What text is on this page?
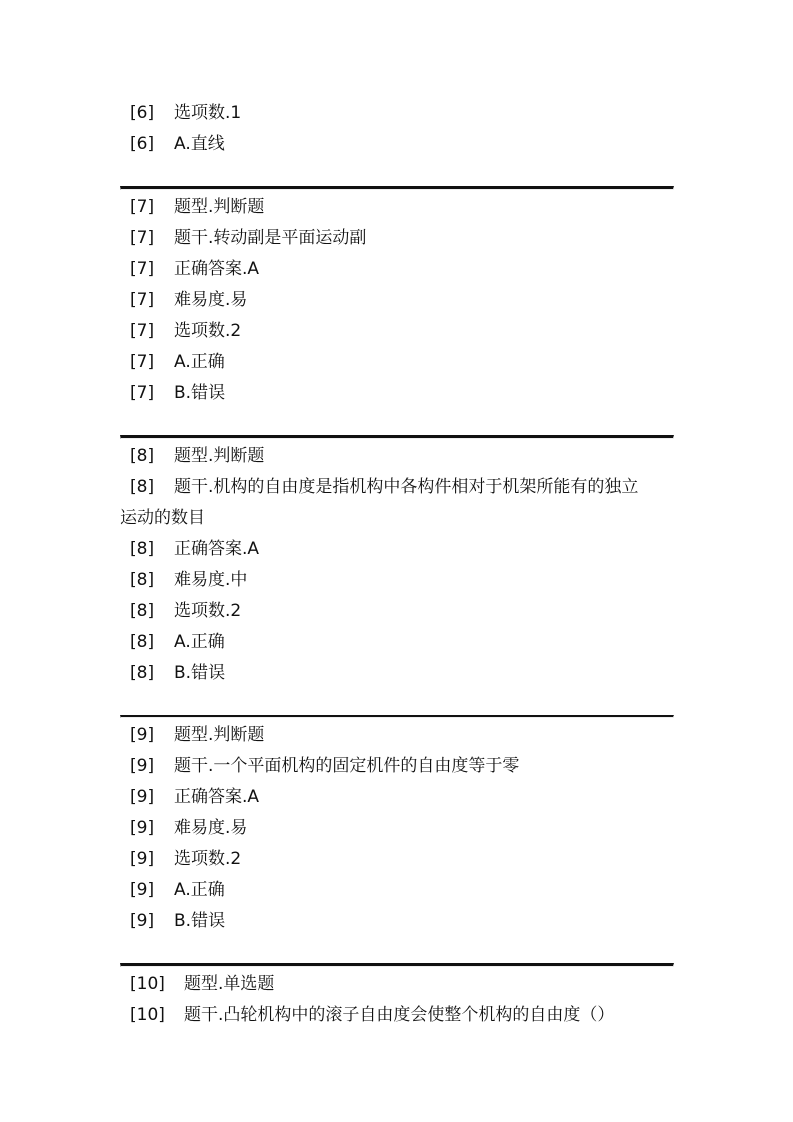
[6]	选项数.1
[6]	A.直线
[7]	题型.判断题
[7]	题干.转动副是平面运动副
[7]	正确答案.A
[7]	难易度.易
[7]	选项数.2
[7]	A.正确
[7]	B.错误
[8]	题型.判断题
[8]	题干.机构的自由度是指机构中各构件相对于机架所能有的独立
运动的数目
[8]	正确答案.A
[8]	难易度.中
[8]	选项数.2
[8]	A.正确
[8]	B.错误
[9]	题型.判断题
[9]	题干.一个平面机构的固定机件的自由度等于零
[9]	正确答案.A
[9]	难易度.易
[9]	选项数.2
[9]	A.正确
[9]	B.错误
[10]	题型.单选题
[10]	题干.凸轮机构中的滚子自由度会使整个机构的自由度（）
